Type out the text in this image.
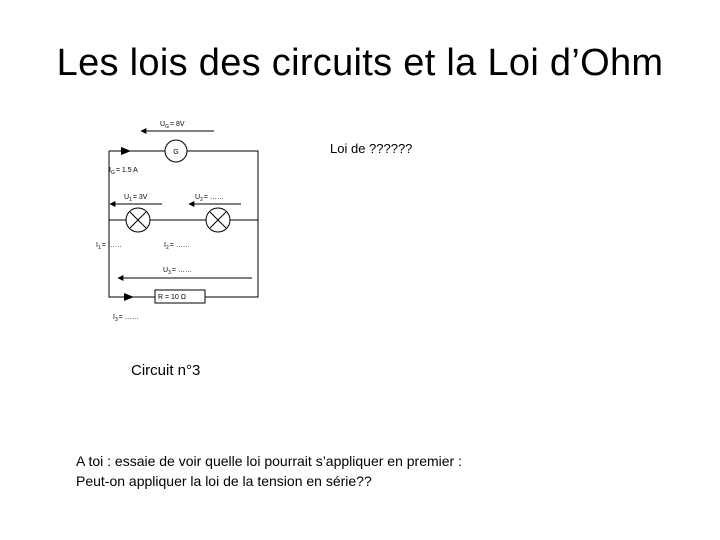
Les lois des circuits et la Loi d’Ohm
G
$U_G= 8V$
$I_G= 1.5$ A
$U_1= 3V$	$U_2=$ ……
$I_1=$ ……	$I_2=$ ……
$U_3=$ ……
R = 10 Ω
$I_3=$ ……
Loi de ??????
Circuit n°3
A toi : essaie de voir quelle loi pourrait s’appliquer en premier :
Peut-on appliquer la loi de la tension en série??
